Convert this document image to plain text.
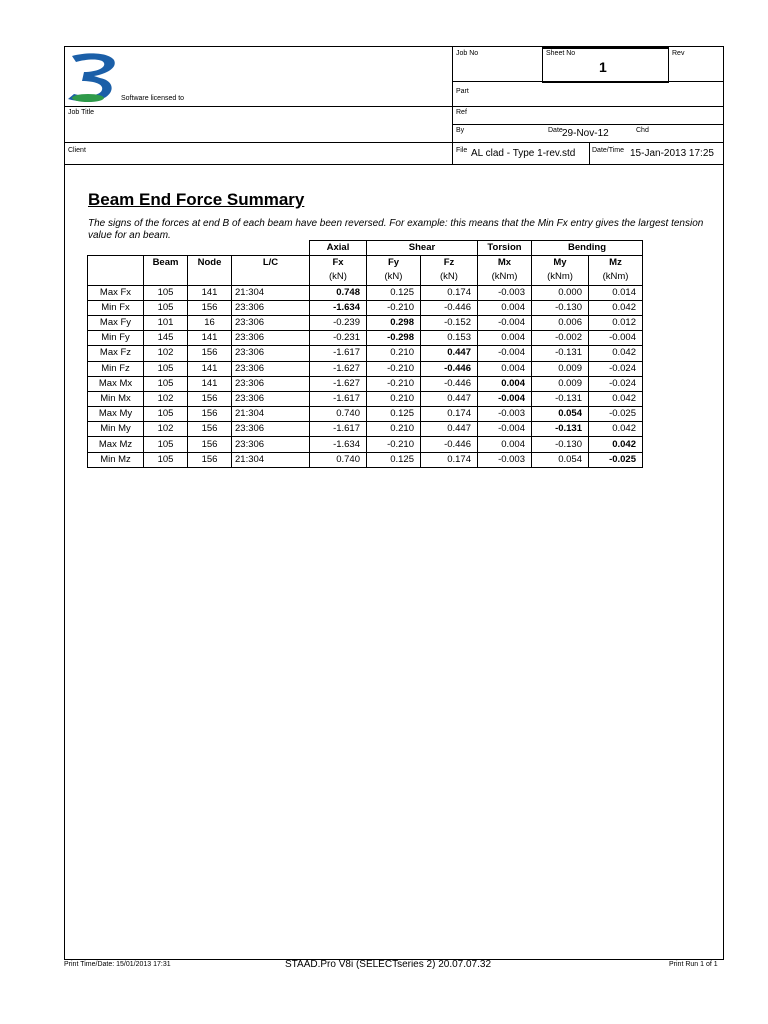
Software licensed to
Job No	Sheet No
1
Rev
Part
Job Title	Ref
By	Date 29-Nov-12	Chd
Client	File AL clad - Type 1-rev.std Date/Time 15-Jan-2013 17:25
Beam End Force Summary

The signs of the forces at end B of each beam have been reversed. For example: this means that the Min Fx entry gives the largest tension value for an beam.

				Axial	Shear		Torsion	Bending	
	Beam	Node	L/C	Fx	Fy	Fz	Mx	My	Mz
				(kN)	(kN)	(kN)	(kNm)	(kNm)	(kNm)
Max Fx	105	141	21:304	0.748	0.125	0.174	-0.003	0.000	0.014
Min Fx	105	156	23:306	-1.634	-0.210	-0.446	0.004	-0.130	0.042
Max Fy	101	16	23:306	-0.239	0.298	-0.152	-0.004	0.006	0.012
Min Fy	145	141	23:306	-0.231	-0.298	0.153	0.004	-0.002	-0.004
Max Fz	102	156	23:306	-1.617	0.210	0.447	-0.004	-0.131	0.042
Min Fz	105	141	23:306	-1.627	-0.210	-0.446	0.004	0.009	-0.024
Max Mx	105	141	23:306	-1.627	-0.210	-0.446	0.004	0.009	-0.024
Min Mx	102	156	23:306	-1.617	0.210	0.447	-0.004	-0.131	0.042
Max My	105	156	21:304	0.740	0.125	0.174	-0.003	0.054	-0.025
Min My	102	156	23:306	-1.617	0.210	0.447	-0.004	-0.131	0.042
Max Mz	105	156	23:306	-1.634	-0.210	-0.446	0.004	-0.130	0.042
Min Mz	105	156	21:304	0.740	0.125	0.174	-0.003	0.054	-0.025
Print Time/Date: 15/01/2013 17:31	STAAD.Pro V8i (SELECTseries 2) 20.07.07.32	Print Run 1 of 1
